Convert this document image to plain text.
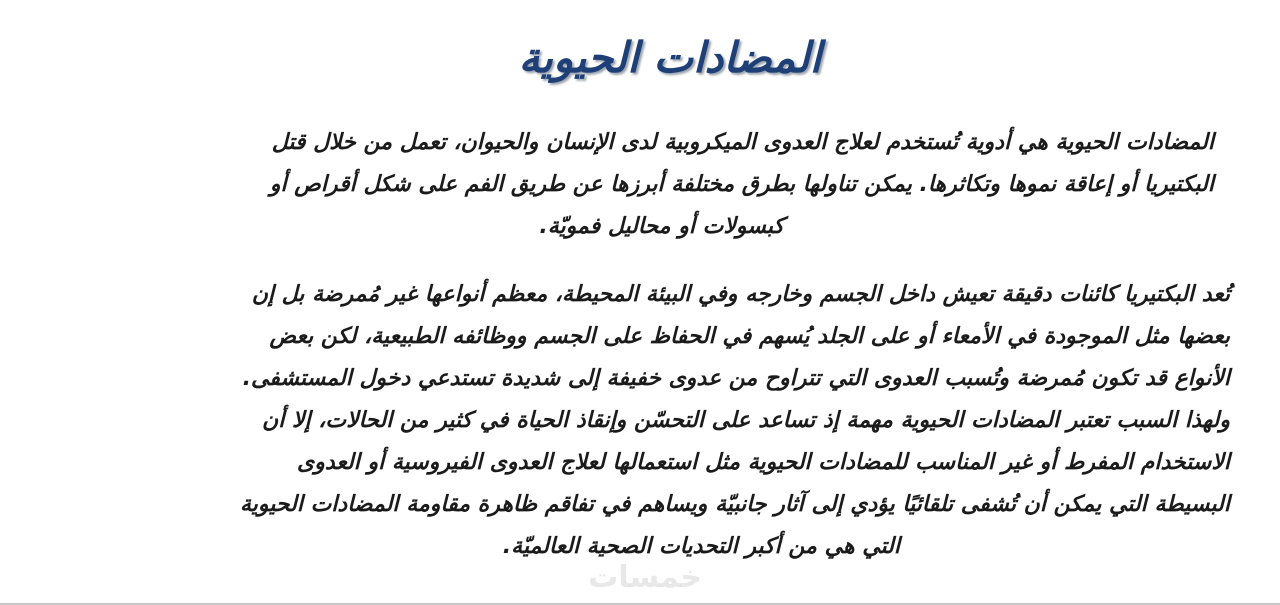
المضادات الحيوية

المضادات الحيوية هي أدوية تُستخدم لعلاج العدوى الميكروبية لدى الإنسان والحيوان، تعمل من خلال قتل
البكتيريا أو إعاقة نموها وتكاثرها. يمكن تناولها بطرق مختلفة أبرزها عن طريق الفم على شكل أقراص أو
كبسولات أو محاليل فمويّة.

تُعد البكتيريا كائنات دقيقة تعيش داخل الجسم وخارجه وفي البيئة المحيطة، معظم أنواعها غير مُمرضة بل إن
بعضها مثل الموجودة في الأمعاء أو على الجلد يُسهم في الحفاظ على الجسم ووظائفه الطبيعية، لكن بعض
الأنواع قد تكون مُمرضة وتُسبب العدوى التي تتراوح من عدوى خفيفة إلى شديدة تستدعي دخول المستشفى.
ولهذا السبب تعتبر المضادات الحيوية مهمة إذ تساعد على التحسّن وإنقاذ الحياة في كثير من الحالات، إلا أن
الاستخدام المفرط أو غير المناسب للمضادات الحيوية مثل استعمالها لعلاج العدوى الفيروسية أو العدوى
البسيطة التي يمكن أن تُشفى تلقائيًا يؤدي إلى آثار جانبيّة ويساهم في تفاقم ظاهرة مقاومة المضادات الحيوية
التي هي من أكبر التحديات الصحية العالميّة.

خمسات
